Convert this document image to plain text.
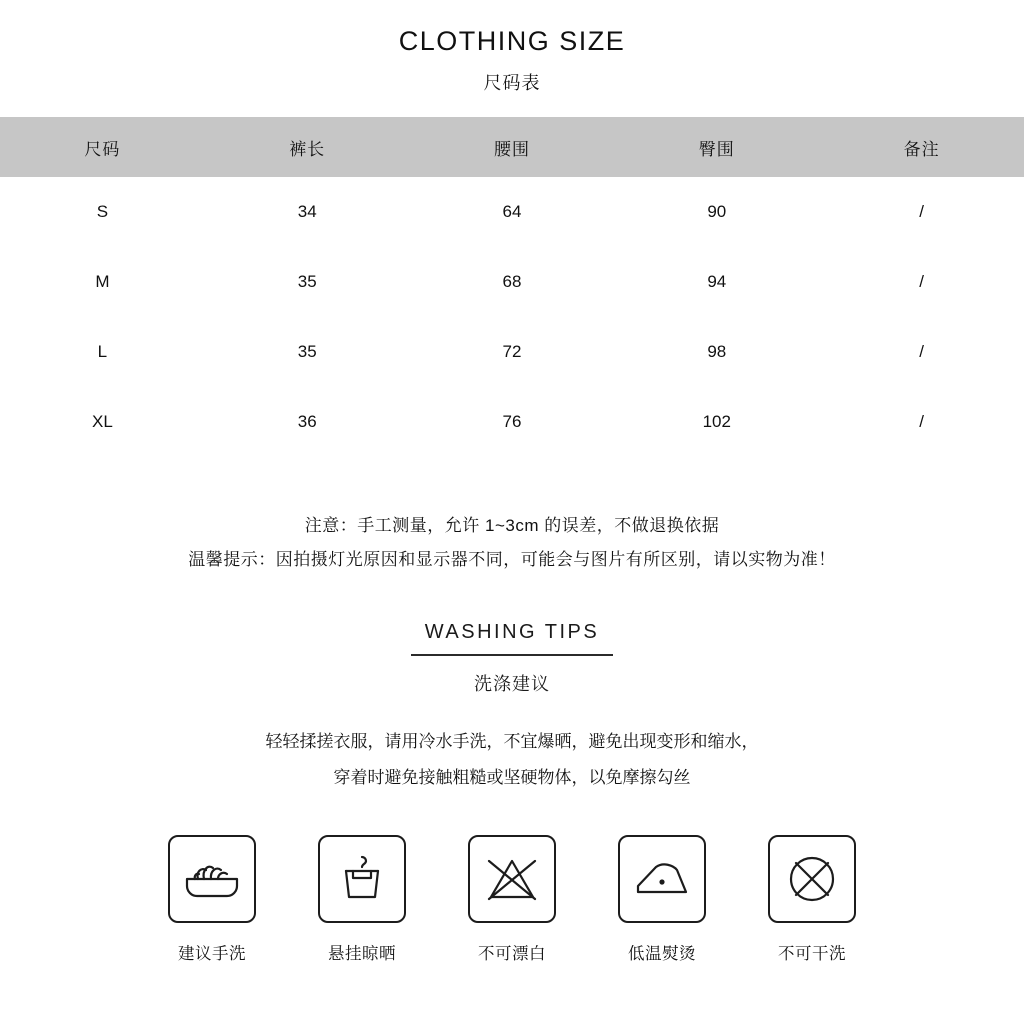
CLOTHING SIZE
尺码表
尺码	裤长	腰围	臀围	备注
S	34	64	90	/
M	35	68	94	/
L	35	72	98	/
XL	36	76	102	/
注意：手工测量，允许 1~3cm 的误差，不做退换依据
温馨提示：因拍摄灯光原因和显示器不同，可能会与图片有所区别，请以实物为准！
WASHING TIPS
洗涤建议
轻轻揉搓衣服，请用冷水手洗，不宜爆晒，避免出现变形和缩水，
穿着时避免接触粗糙或坚硬物体，以免摩擦勾丝
建议手洗	悬挂晾晒	不可漂白	低温熨烫	不可干洗
